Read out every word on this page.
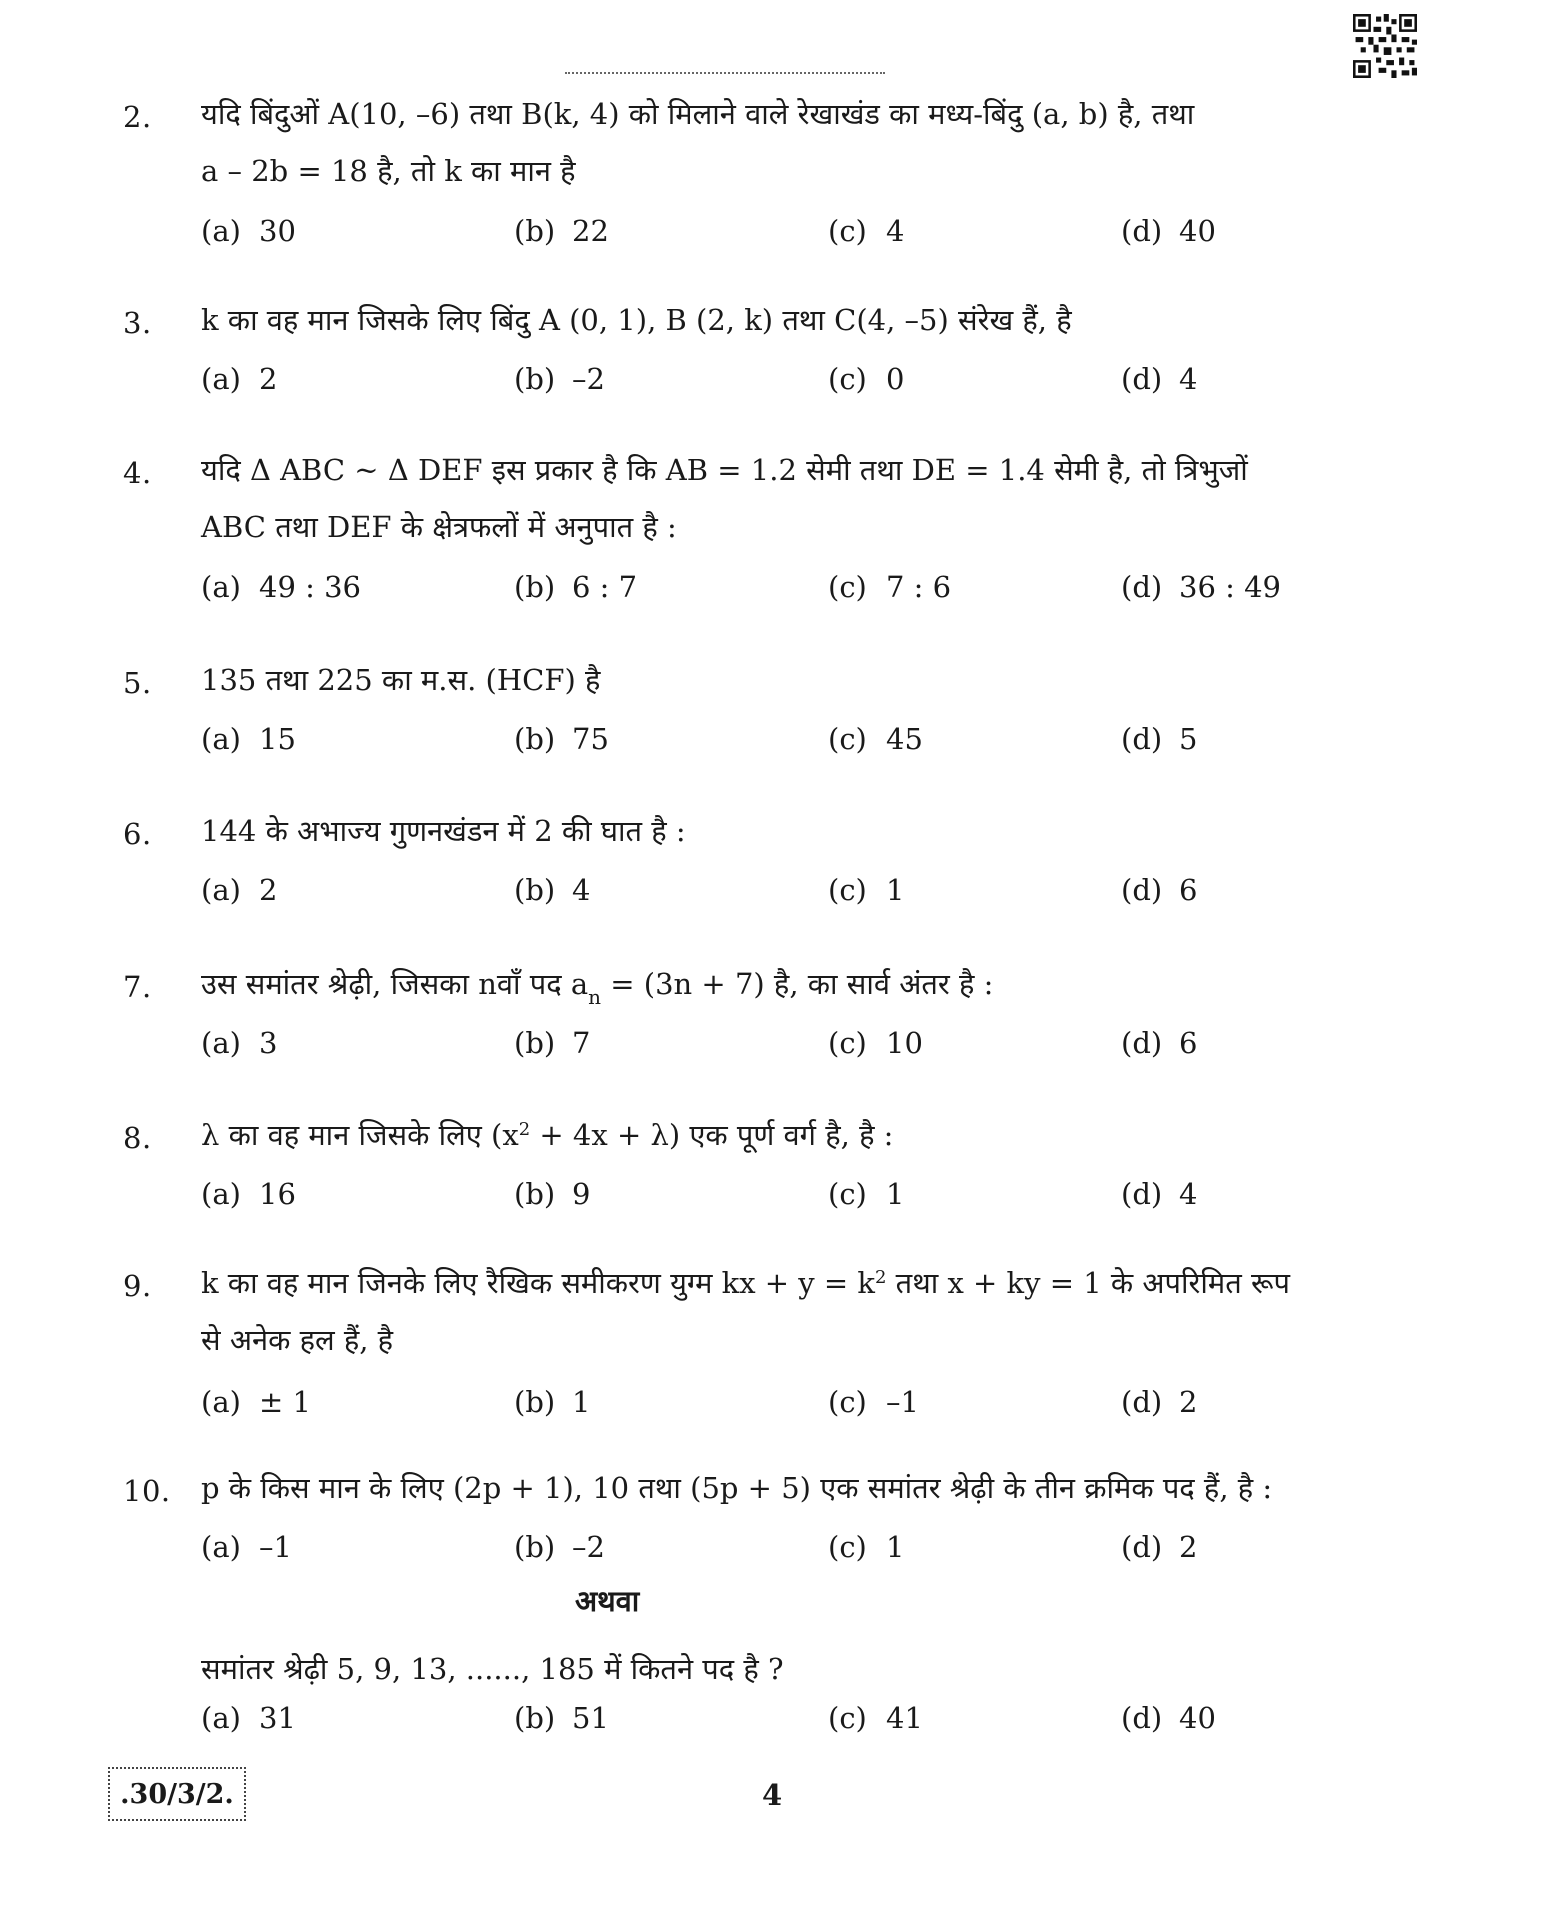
2. यदि बिंदुओं A(10, –6) तथा B(k, 4) को मिलाने वाले रेखाखंड का मध्य-बिंदु (a, b) है, तथा
a – 2b = 18 है, तो k का मान है
(a) 30	(b) 22	(c) 4	(d) 40
3. k का वह मान जिसके लिए बिंदु A (0, 1), B (2, k) तथा C(4, –5) संरेख हैं, है
(a) 2	(b) –2	(c) 0	(d) 4
4. यदि Δ ABC ~ Δ DEF इस प्रकार है कि AB = 1.2 सेमी तथा DE = 1.4 सेमी है, तो त्रिभुजों
ABC तथा DEF के क्षेत्रफलों में अनुपात है :
(a) 49 : 36	(b) 6 : 7	(c) 7 : 6	(d) 36 : 49
5. 135 तथा 225 का म.स. (HCF) है
(a) 15	(b) 75	(c) 45	(d) 5
6. 144 के अभाज्य गुणनखंडन में 2 की घात है :
(a) 2	(b) 4	(c) 1	(d) 6
7. उस समांतर श्रेढ़ी, जिसका nवाँ पद $a_n = (3n + 7)$ है, का सार्व अंतर है :
(a) 3	(b) 7	(c) 10	(d) 6
8. λ का वह मान जिसके लिए $(x^2 + 4x + \lambda)$ एक पूर्ण वर्ग है, है :
(a) 16	(b) 9	(c) 1	(d) 4
9. k का वह मान जिनके लिए रैखिक समीकरण युग्म kx + $y = k^2$ तथा x + ky = 1 के अपरिमित रूप
से अनेक हल हैं, है
(a) ± 1	(b) 1	(c) –1	(d) 2
10. p के किस मान के लिए (2p + 1), 10 तथा (5p + 5) एक समांतर श्रेढ़ी के तीन क्रमिक पद हैं, है :
(a) –1	(b) –2	(c) 1	(d) 2
अथवा
समांतर श्रेढ़ी 5, 9, 13, ......, 185 में कितने पद है ?
(a) 31	(b) 51	(c) 41	(d) 40
.30/3/2.	4
